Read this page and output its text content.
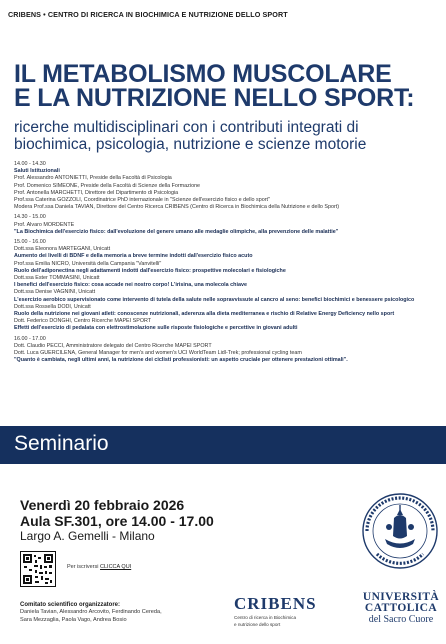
CRIBENS • CENTRO DI RICERCA IN BIOCHIMICA E NUTRIZIONE DELLO SPORT
IL METABOLISMO MUSCOLARE
E LA NUTRIZIONE NELLO SPORT:
ricerche multidisciplinari con i contributi integrati di
biochimica, psicologia, nutrizione e scienze motorie
14.00 - 14.30
Saluti Istituzionali
Prof. Alessandro ANTONIETTI, Preside della Facoltà di Psicologia
Prof. Domenico SIMEONE, Preside della Facoltà di Scienze della Formazione
Prof. Antonella MARCHETTI, Direttore del Dipartimento di Psicologia
Prof.ssa Caterina GOZZOLI, Coordinatrice PhD internazionale in "Scienze dell'esercizio fisico e dello sport"
Modera Prof.ssa Daniela TAVIAN, Direttore del Centro Ricerca CRIBENS (Centro di Ricerca in Biochimica della Nutrizione e dello Sport)
14.30 - 15.00
Prof. Alvaro MORDENTE
"La Biochimica dell'esercizio fisico: dall'evoluzione del genere umano alle medaglie olimpiche, alla prevenzione delle malattie"
15.00 - 16.00
Dott.ssa Eleonora MARTEGANI, Unicatt
Aumento dei livelli di BDNF e della memoria a breve termine indotti dall'esercizio fisico acuto
Prof.ssa Emilia NICRO, Università della Campania "Vanvitelli"
Ruolo dell'adiponectina negli adattamenti indotti dall'esercizio fisico: prospettive molecolari e fisiologiche
Dott.ssa Ester TOMMASINI, Unicatt
I benefici dell'esercizio fisico: cosa accade nei nostro corpo! L'irisina, una molecola chiave
Dott.ssa Denise VAGNINI, Unicatt
L'esercizio aerobico supervisionato come intervento di tutela della salute nelle sopravvissute al cancro al seno: benefici biochimici e benessere psicologico
Dott.ssa Rossella DODI, Unicatt
Ruolo della nutrizione nei giovani atleti: conoscenze nutrizionali, aderenza alla dieta mediterranea e rischio di Relative Energy Deficiency nello sport
Dott. Federico DONGHI, Centro Ricerche MAPEI SPORT
Effetti dell'esercizio di pedalata con elettrostimolazione sulle risposte fisiologiche e percettive in giovani adulti
16.00 - 17.00
Dott. Claudio PECCI, Amministratore delegato del Centro Ricerche MAPEI SPORT
Dott. Luca GUERCILENA, General Manager for men's and women's UCI WorldTeam Lidl-Trek; professional cycling team
"Quanto è cambiata, negli ultimi anni, la nutrizione dei ciclisti professionisti: un aspetto cruciale per ottenere prestazioni ottimali".
Seminario
Venerdì 20 febbraio 2026
Aula SF.301, ore 14.00 - 17.00
Largo A. Gemelli - Milano
Per iscriversi CLICCA QUI
Comitato scientifico organizzatore:
Daniela Tavian, Alessandro Arcovito, Ferdinando Cereda,
Sara Mezzaglia, Paola Vago, Andrea Bosio
CRIBENS
Centro di ricerca in Biochimica
e nutrizione dello sport
UNIVERSITÀ
CATTOLICA
del Sacro Cuore
